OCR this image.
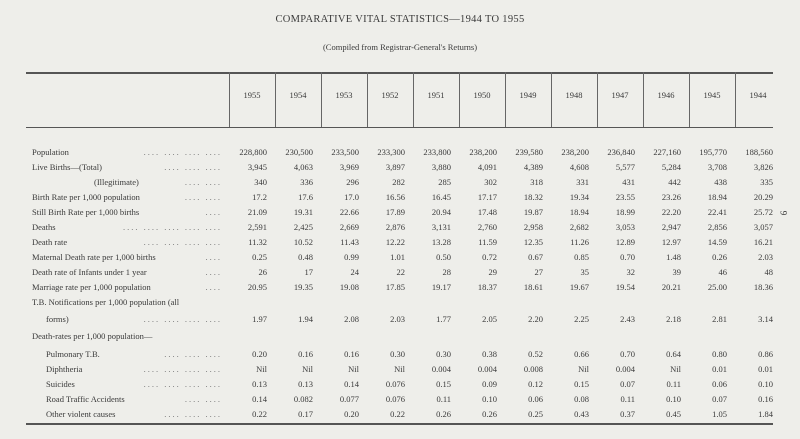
COMPARATIVE VITAL STATISTICS—1944 TO 1955
(Compiled from Registrar-General's Returns)
9
1955	1954	1953	1952	1951	1950	1949	1948	1947	1946	1945	1944
Population	.... .... .... ....	228,800	230,500	233,500	233,300	233,800	238,200	239,580	238,200	236,840	227,160	195,770	188,560
Live Births—(Total)	.... .... ....	3,945	4,063	3,969	3,897	3,880	4,091	4,389	4,608	5,577	5,284	3,708	3,826
(Illegitimate)	.... ....	340	336	296	282	285	302	318	331	431	442	438	335
Birth Rate per 1,000 population	.... ....	17.2	17.6	17.0	16.56	16.45	17.17	18.32	19.34	23.55	23.26	18.94	20.29
Still Birth Rate per 1,000 births	....	21.09	19.31	22.66	17.89	20.94	17.48	19.87	18.94	18.99	22.20	22.41	25.72
Deaths	.... .... .... .... ....	2,591	2,425	2,669	2,876	3,131	2,760	2,958	2,682	3,053	2,947	2,856	3,057
Death rate	.... .... .... ....	11.32	10.52	11.43	12.22	13.28	11.59	12.35	11.26	12.89	12.97	14.59	16.21
Maternal Death rate per 1,000 births	....	0.25	0.48	0.99	1.01	0.50	0.72	0.67	0.85	0.70	1.48	0.26	2.03
Death rate of Infants under 1 year	....	26	17	24	22	28	29	27	35	32	39	46	48
Marriage rate per 1,000 population	....	20.95	19.35	19.08	17.85	19.17	18.37	18.61	19.67	19.54	20.21	25.00	18.36
T.B. Notifications per 1,000 population (all
forms)	.... .... .... ....	1.97	1.94	2.08	2.03	1.77	2.05	2.20	2.25	2.43	2.18	2.81	3.14
Death-rates per 1,000 population—
Pulmonary T.B.	.... .... ....	0.20	0.16	0.16	0.30	0.30	0.38	0.52	0.66	0.70	0.64	0.80	0.86
Diphtheria	.... .... .... ....	Nil	Nil	Nil	Nil	0.004	0.004	0.008	Nil	0.004	Nil	0.01	0.01
Suicides	.... .... .... ....	0.13	0.13	0.14	0.076	0.15	0.09	0.12	0.15	0.07	0.11	0.06	0.10
Road Traffic Accidents	.... ....	0.14	0.082	0.077	0.076	0.11	0.10	0.06	0.08	0.11	0.10	0.07	0.16
Other violent causes	.... .... ....	0.22	0.17	0.20	0.22	0.26	0.26	0.25	0.43	0.37	0.45	1.05	1.84
